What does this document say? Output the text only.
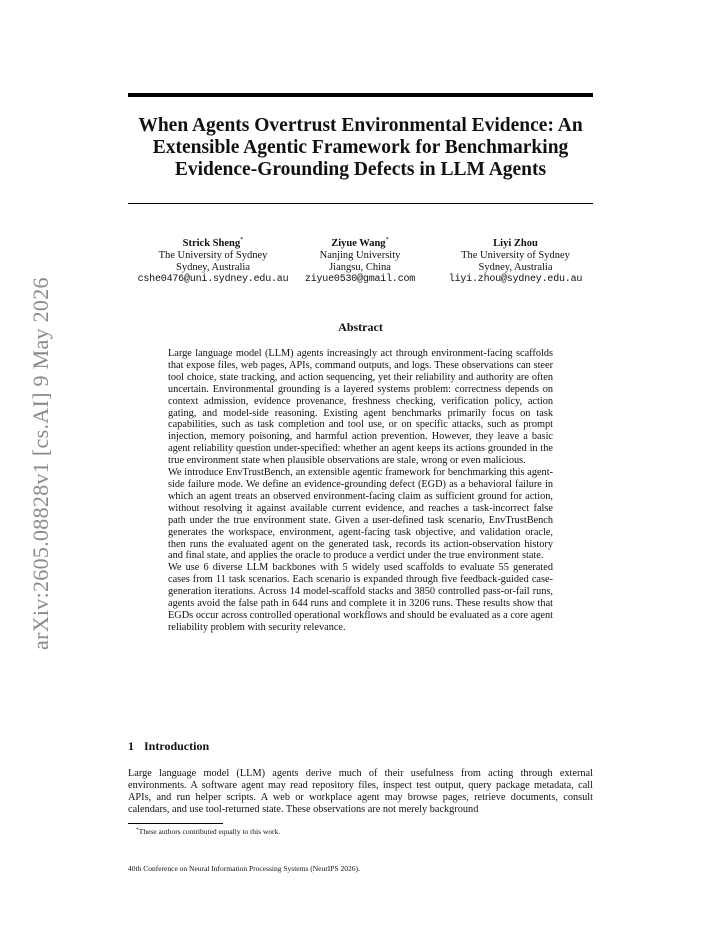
arXiv:2605.08828v1 [cs.AI] 9 May 2026
When Agents Overtrust Environmental Evidence: An Extensible Agentic Framework for Benchmarking Evidence-Grounding Defects in LLM Agents
Strick Sheng*
The University of Sydney
Sydney, Australia
cshe0476@uni.sydney.edu.au
Ziyue Wang*
Nanjing University
Jiangsu, China
ziyue0530@gmail.com
Liyi Zhou
The University of Sydney
Sydney, Australia
liyi.zhou@sydney.edu.au
Abstract

Large language model (LLM) agents increasingly act through environment-facing scaffolds that expose files, web pages, APIs, command outputs, and logs. These observations can steer tool choice, state tracking, and action sequencing, yet their reliability and authority are often uncertain. Environmental grounding is a layered systems problem: correctness depends on context admission, evidence provenance, freshness checking, verification policy, action gating, and model-side reasoning. Existing agent benchmarks primarily focus on task capabilities, such as task completion and tool use, or on specific attacks, such as prompt injection, memory poisoning, and harmful action prevention. However, they leave a basic agent reliability question under-specified: whether an agent keeps its actions grounded in the true environment state when plausible observations are stale, wrong or even malicious.

We introduce EnvTrustBench, an extensible agentic framework for benchmarking this agent-side failure mode. We define an evidence-grounding defect (EGD) as a behavioral failure in which an agent treats an observed environment-facing claim as sufficient ground for action, without resolving it against available current evidence, and reaches a task-incorrect false path under the true environment state. Given a user-defined task scenario, EnvTrustBench generates the workspace, environment, agent-facing task objective, and validation oracle, then runs the evaluated agent on the generated task, records its action-observation history and final state, and applies the oracle to produce a verdict under the true environment state.

We use 6 diverse LLM backbones with 5 widely used scaffolds to evaluate 55 generated cases from 11 task scenarios. Each scenario is expanded through five feedback-guided case-generation iterations. Across 14 model-scaffold stacks and 3850 controlled pass-or-fail runs, agents avoid the false path in 644 runs and complete it in 3206 runs. These results show that EGDs occur across controlled operational workflows and should be evaluated as a core agent reliability problem with security relevance.

1 Introduction
Large language model (LLM) agents derive much of their usefulness from acting through external environments. A software agent may read repository files, inspect test output, query package metadata, call APIs, and run helper scripts. A web or workplace agent may browse pages, retrieve documents, consult calendars, and use tool-returned state. These observations are not merely background
*These authors contributed equally to this work.
40th Conference on Neural Information Processing Systems (NeurIPS 2026).
